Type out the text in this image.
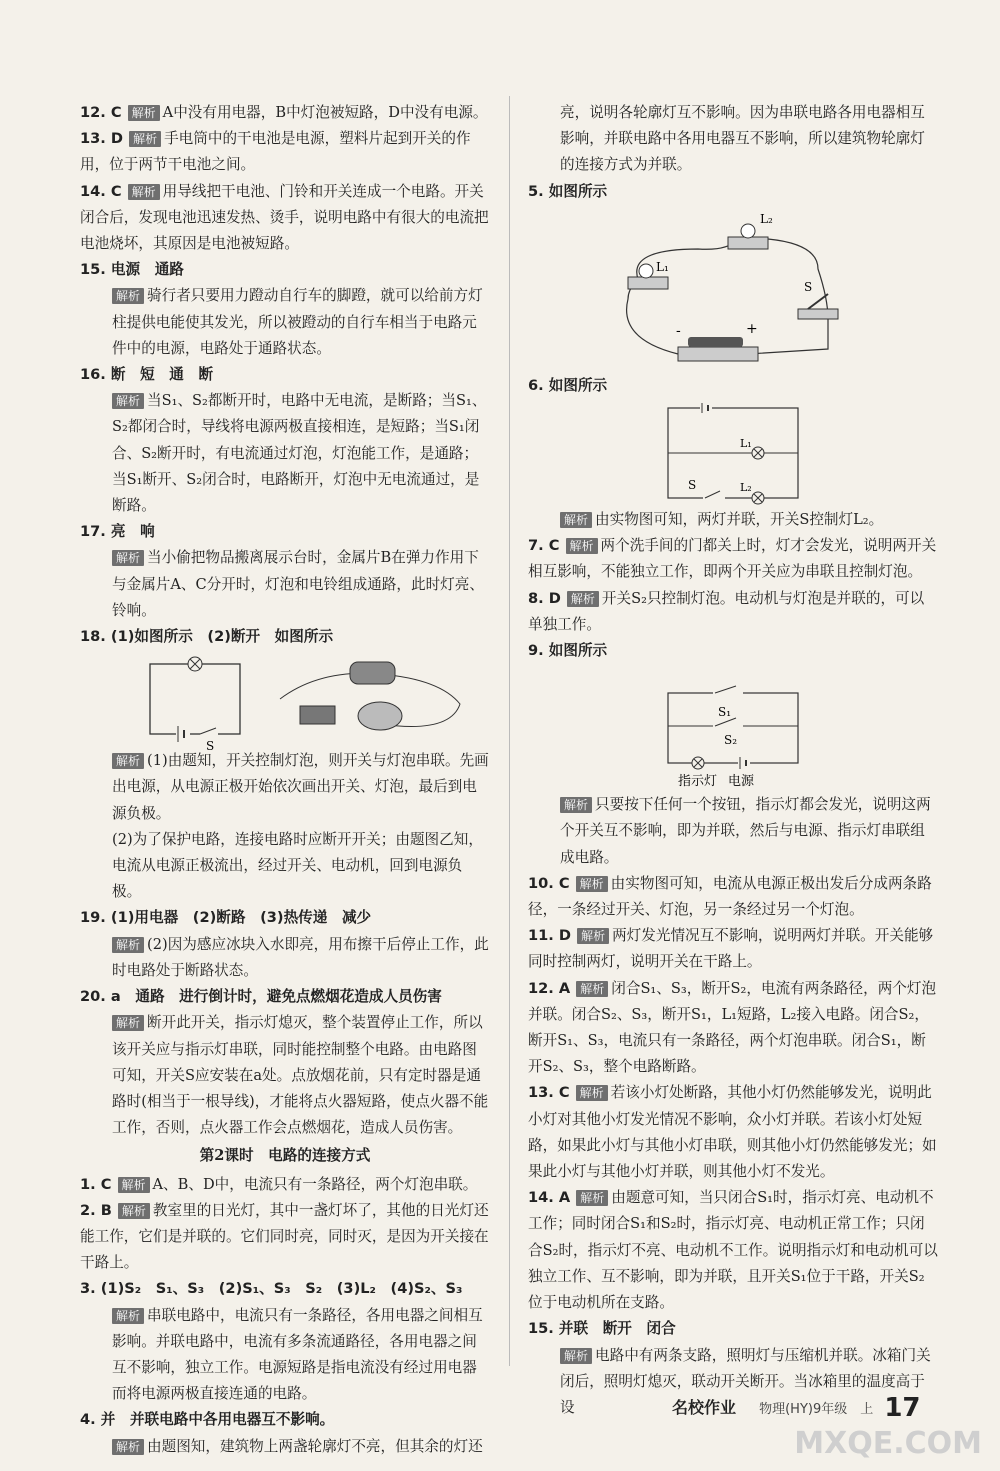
12. C 解析 A中没有用电器，B中灯泡被短路，D中没有电源。

13. D 解析 手电筒中的干电池是电源，塑料片起到开关的作用，位于两节干电池之间。

14. C 解析 用导线把干电池、门铃和开关连成一个电路。开关闭合后，发现电池迅速发热、烫手，说明电路中有很大的电流把电池烧坏，其原因是电池被短路。

15. 电源　通路

解析 骑行者只要用力蹬动自行车的脚蹬，就可以给前方灯柱提供电能使其发光，所以被蹬动的自行车相当于电路元件中的电源，电路处于通路状态。

16. 断　短　通　断

解析 当S₁、S₂都断开时，电路中无电流，是断路；当S₁、S₂都闭合时，导线将电源两极直接相连，是短路；当S₁闭合、S₂断开时，有电流通过灯泡，灯泡能工作，是通路；当S₁断开、S₂闭合时，电路断开，灯泡中无电流通过，是断路。

17. 亮　响

解析 当小偷把物品搬离展示台时，金属片B在弹力作用下与金属片A、C分开时，灯泡和电铃组成通路，此时灯亮、铃响。

18. (1)如图所示　(2)断开　如图所示

S

解析 (1)由题知，开关控制灯泡，则开关与灯泡串联。先画出电源，从电源正极开始依次画出开关、灯泡，最后到电源负极。

(2)为了保护电路，连接电路时应断开开关；由题图乙知，电流从电源正极流出，经过开关、电动机，回到电源负极。

19. (1)用电器　(2)断路　(3)热传递　减少

解析 (2)因为感应冰块入水即亮，用布擦干后停止工作，此时电路处于断路状态。

20. a　通路　进行倒计时，避免点燃烟花造成人员伤害

解析 断开此开关，指示灯熄灭，整个装置停止工作，所以该开关应与指示灯串联，同时能控制整个电路。由电路图可知，开关S应安装在a处。点放烟花前，只有定时器是通路时(相当于一根导线)，才能将点火器短路，使点火器不能工作，否则，点火器工作会点燃烟花，造成人员伤害。

第2课时　电路的连接方式

1. C 解析 A、B、D中，电流只有一条路径，两个灯泡串联。

2. B 解析 教室里的日光灯，其中一盏灯坏了，其他的日光灯还能工作，它们是并联的。它们同时亮，同时灭，是因为开关接在干路上。

3. (1)S₂　S₁、S₃　(2)S₁、S₃　S₂　(3)L₂　(4)S₂、S₃

解析 串联电路中，电流只有一条路径，各用电器之间相互影响。并联电路中，电流有多条流通路径，各用电器之间互不影响，独立工作。电源短路是指电流没有经过用电器而将电源两极直接连通的电路。

4. 并　并联电路中各用电器互不影响。

解析 由题图知，建筑物上两盏轮廓灯不亮，但其余的灯还

亮，说明各轮廓灯互不影响。因为串联电路各用电器相互影响，并联电路中各用电器互不影响，所以建筑物轮廓灯的连接方式为并联。

5. 如图所示

L₁
L₂
S
-	+

6. 如图所示

L₁
S	L₂

解析 由实物图可知，两灯并联，开关S控制灯L₂。

7. C 解析 两个洗手间的门都关上时，灯才会发光，说明两开关相互影响，不能独立工作，即两个开关应为串联且控制灯泡。

8. D 解析 开关S₂只控制灯泡。电动机与灯泡是并联的，可以单独工作。

9. 如图所示

S₁
S₂
指示灯 电源

解析 只要按下任何一个按钮，指示灯都会发光，说明这两个开关互不影响，即为并联，然后与电源、指示灯串联组成电路。

10. C 解析 由实物图可知，电流从电源正极出发后分成两条路径，一条经过开关、灯泡，另一条经过另一个灯泡。

11. D 解析 两灯发光情况互不影响，说明两灯并联。开关能够同时控制两灯，说明开关在干路上。

12. A 解析 闭合S₁、S₃，断开S₂，电流有两条路径，两个灯泡并联。闭合S₂、S₃，断开S₁，L₁短路，L₂接入电路。闭合S₂，断开S₁、S₃，电流只有一条路径，两个灯泡串联。闭合S₁，断开S₂、S₃，整个电路断路。

13. C 解析 若该小灯处断路，其他小灯仍然能够发光，说明此小灯对其他小灯发光情况不影响，众小灯并联。若该小灯处短路，如果此小灯与其他小灯串联，则其他小灯仍然能够发光；如果此小灯与其他小灯并联，则其他小灯不发光。

14. A 解析 由题意可知，当只闭合S₁时，指示灯亮、电动机不工作；同时闭合S₁和S₂时，指示灯亮、电动机正常工作；只闭合S₂时，指示灯不亮、电动机不工作。说明指示灯和电动机可以独立工作、互不影响，即为并联，且开关S₁位于干路，开关S₂位于电动机所在支路。

15. 并联　断开　闭合

解析 电路中有两条支路，照明灯与压缩机并联。冰箱门关闭后，照明灯熄灭，联动开关断开。当冰箱里的温度高于设	名校作业 物理(HY)9年级　上 17
MXQE.COM
